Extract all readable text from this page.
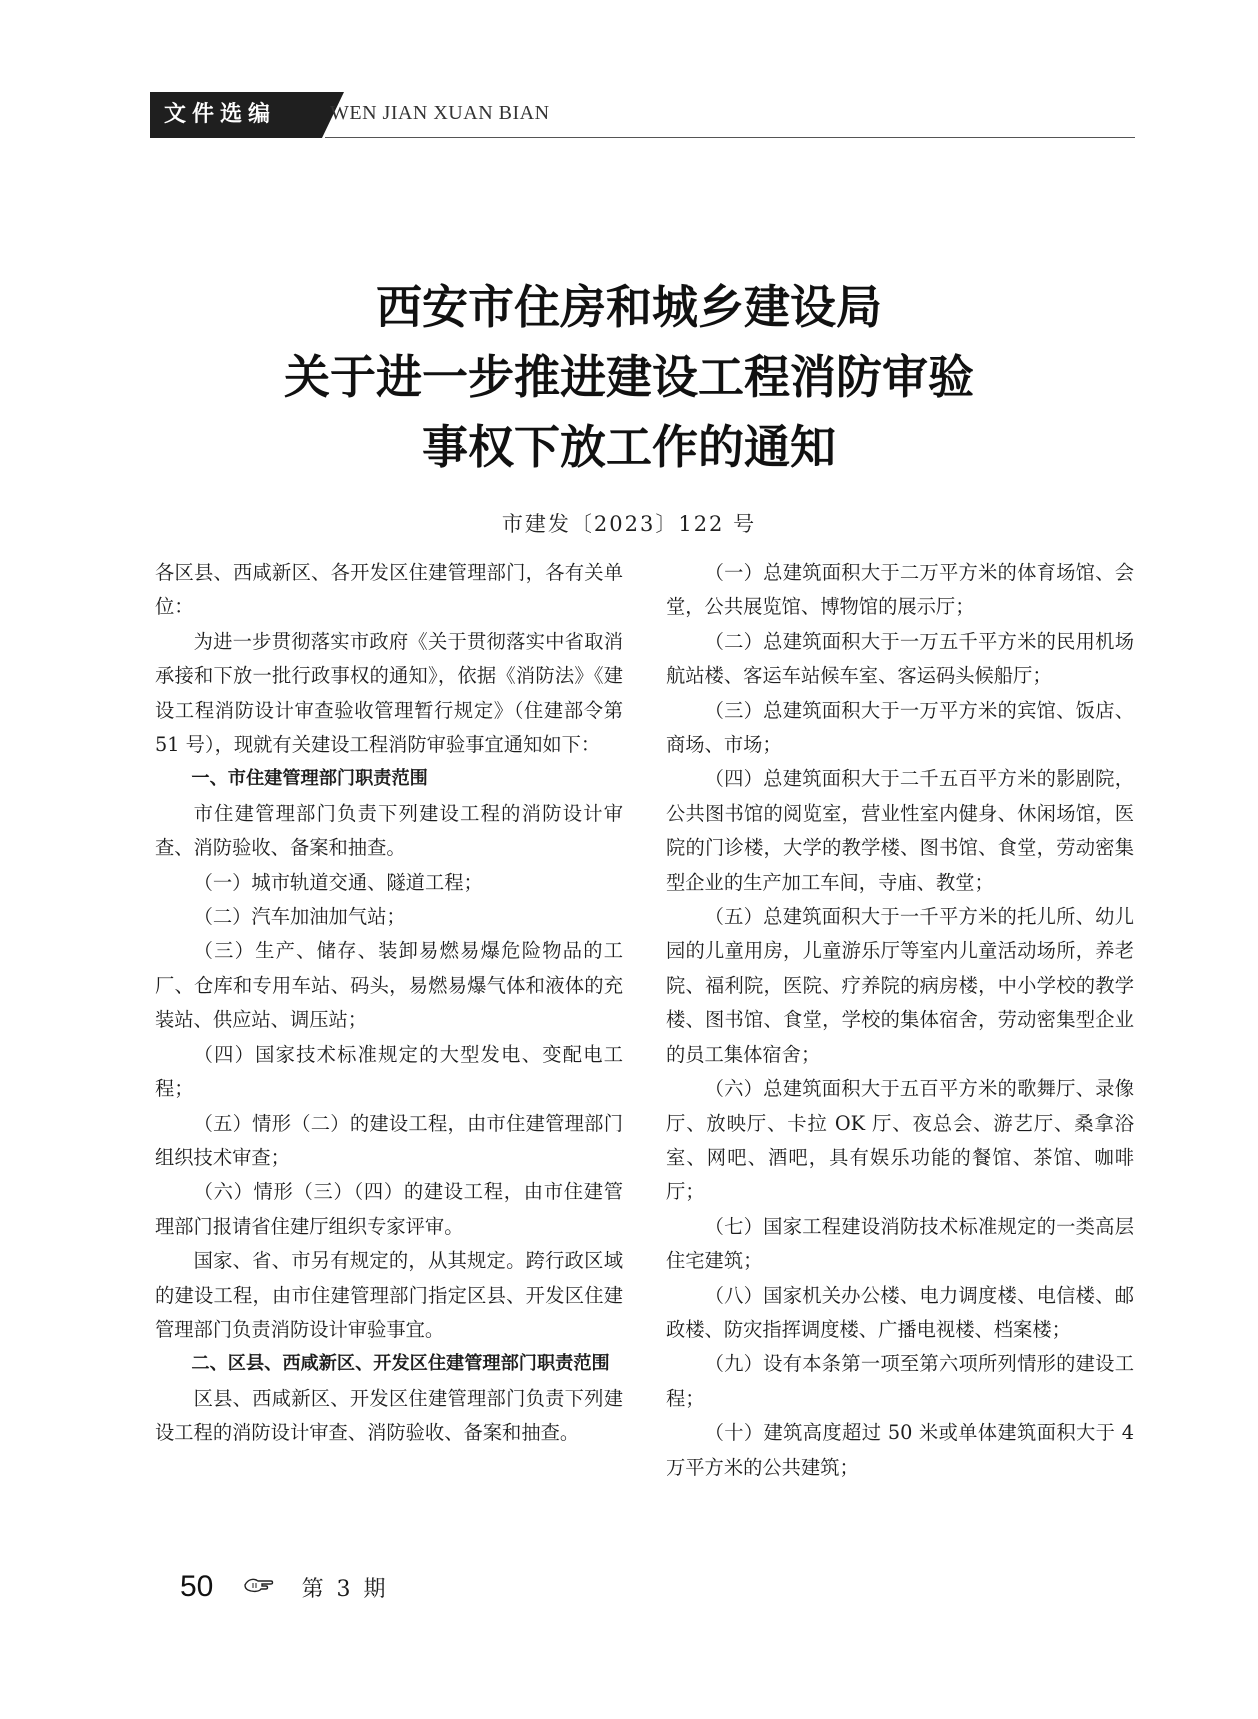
文件选编	WEN JIAN XUAN BIAN
西安市住房和城乡建设局
关于进一步推进建设工程消防审验
事权下放工作的通知
市建发〔2023〕122 号

各区县、西咸新区、各开发区住建管理部门，各有关单位：

为进一步贯彻落实市政府《关于贯彻落实中省取消承接和下放一批行政事权的通知》，依据《消防法》《建设工程消防设计审查验收管理暂行规定》（住建部令第 51 号），现就有关建设工程消防审验事宜通知如下：

一、市住建管理部门职责范围

市住建管理部门负责下列建设工程的消防设计审查、消防验收、备案和抽查。

（一）城市轨道交通、隧道工程；

（二）汽车加油加气站；

（三）生产、储存、装卸易燃易爆危险物品的工厂、仓库和专用车站、码头，易燃易爆气体和液体的充装站、供应站、调压站；

（四）国家技术标准规定的大型发电、变配电工程；

（五）情形（二）的建设工程，由市住建管理部门组织技术审查；

（六）情形（三）（四）的建设工程，由市住建管理部门报请省住建厅组织专家评审。

国家、省、市另有规定的，从其规定。跨行政区域的建设工程，由市住建管理部门指定区县、开发区住建管理部门负责消防设计审验事宜。

二、区县、西咸新区、开发区住建管理部门职责范围

区县、西咸新区、开发区住建管理部门负责下列建设工程的消防设计审查、消防验收、备案和抽查。

（一）总建筑面积大于二万平方米的体育场馆、会堂，公共展览馆、博物馆的展示厅；

（二）总建筑面积大于一万五千平方米的民用机场航站楼、客运车站候车室、客运码头候船厅；

（三）总建筑面积大于一万平方米的宾馆、饭店、商场、市场；

（四）总建筑面积大于二千五百平方米的影剧院，公共图书馆的阅览室，营业性室内健身、休闲场馆，医院的门诊楼，大学的教学楼、图书馆、食堂，劳动密集型企业的生产加工车间，寺庙、教堂；

（五）总建筑面积大于一千平方米的托儿所、幼儿园的儿童用房，儿童游乐厅等室内儿童活动场所，养老院、福利院，医院、疗养院的病房楼，中小学校的教学楼、图书馆、食堂，学校的集体宿舍，劳动密集型企业的员工集体宿舍；

（六）总建筑面积大于五百平方米的歌舞厅、录像厅、放映厅、卡拉 OK 厅、夜总会、游艺厅、桑拿浴室、网吧、酒吧，具有娱乐功能的餐馆、茶馆、咖啡厅；

（七）国家工程建设消防技术标准规定的一类高层住宅建筑；

（八）国家机关办公楼、电力调度楼、电信楼、邮政楼、防灾指挥调度楼、广播电视楼、档案楼；

（九）设有本条第一项至第六项所列情形的建设工程；

（十）建筑高度超过 50 米或单体建筑面积大于 4 万平方米的公共建筑；

50	第 3 期
